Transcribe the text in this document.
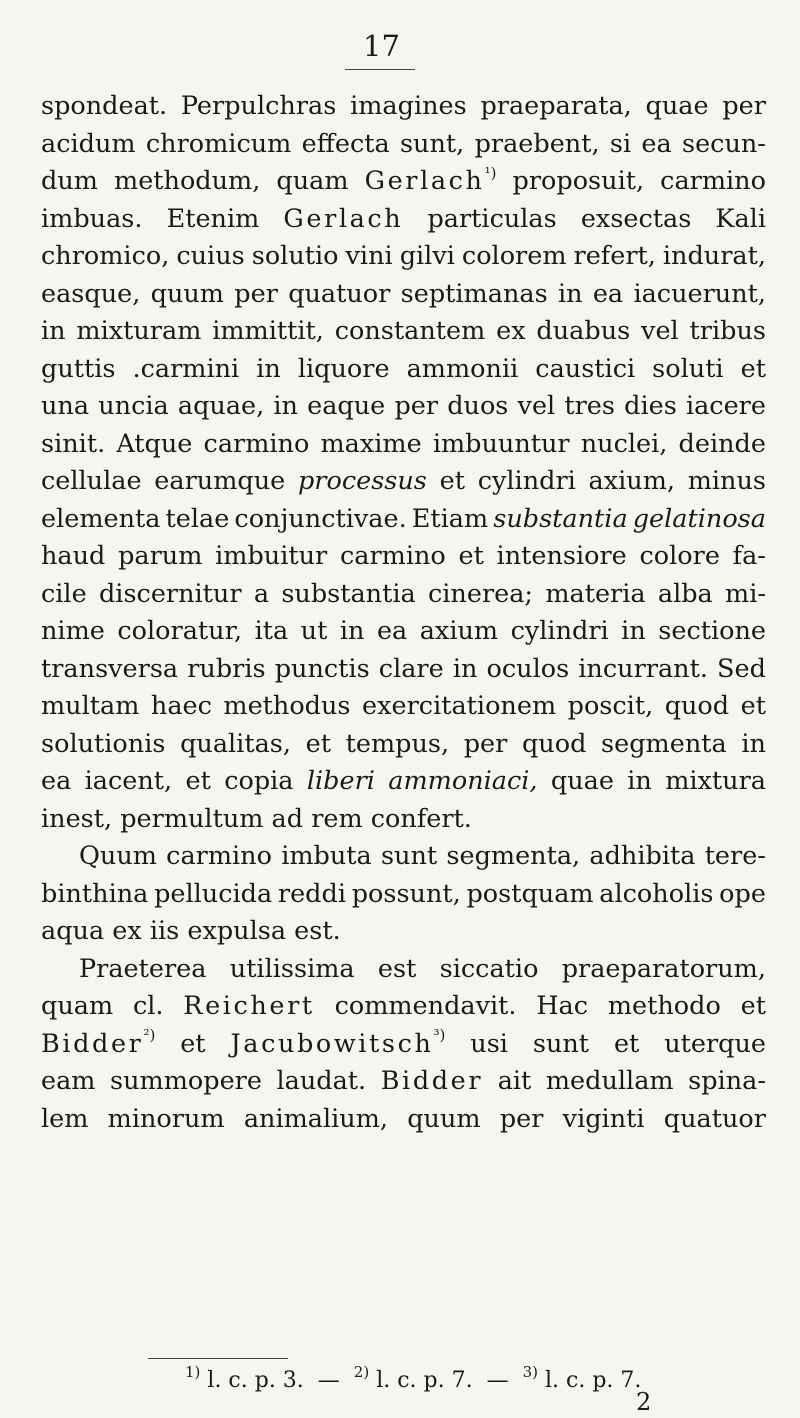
17
spondeat. Perpulchras imagines praeparata, quae per
acidum chromicum effecta sunt, praebent, si ea secun-
dum methodum, quam Gerlach$^{^1)}$ proposuit, carmino
imbuas. Etenim Gerlach particulas exsectas Kali
chromico, cuius solutio vini gilvi colorem refert, indurat,
easque, quum per quatuor septimanas in ea iacuerunt,
in mixturam immittit, constantem ex duabus vel tribus
guttis .carmini in liquore ammonii caustici soluti et
una uncia aquae, in eaque per duos vel tres dies iacere
sinit. Atque carmino maxime imbuuntur nuclei, deinde
cellulae earumque processus et cylindri axium, minus
elementa telae conjunctivae. Etiam substantia gelatinosa
haud parum imbuitur carmino et intensiore colore fa-
cile discernitur a substantia cinerea; materia alba mi-
nime coloratur, ita ut in ea axium cylindri in sectione
transversa rubris punctis clare in oculos incurrant. Sed
multam haec methodus exercitationem poscit, quod et
solutionis qualitas, et tempus, per quod segmenta in
ea iacent, et copia liberi ammoniaci, quae in mixtura
inest,
permultum
ad
rem
confert.
Quum carmino imbuta sunt segmenta, adhibita tere-
binthina pellucida reddi possunt, postquam alcoholis ope
aqua
ex
iis
expulsa
est.
Praeterea utilissima est siccatio praeparatorum,
quam cl. Reichert commendavit. Hac methodo et
Bidder$^{^2)}$ et Jacubowitsch$^{^3)}$ usi sunt et uterque
eam summopere laudat. Bidder ait medullam spina-
lem minorum animalium, quum per viginti quatuor
$^{1)}$ l. c. p. 3. — $^{2)}$ l. c. p. 7. — $^{3)}$ l. c. p. 7.
2
